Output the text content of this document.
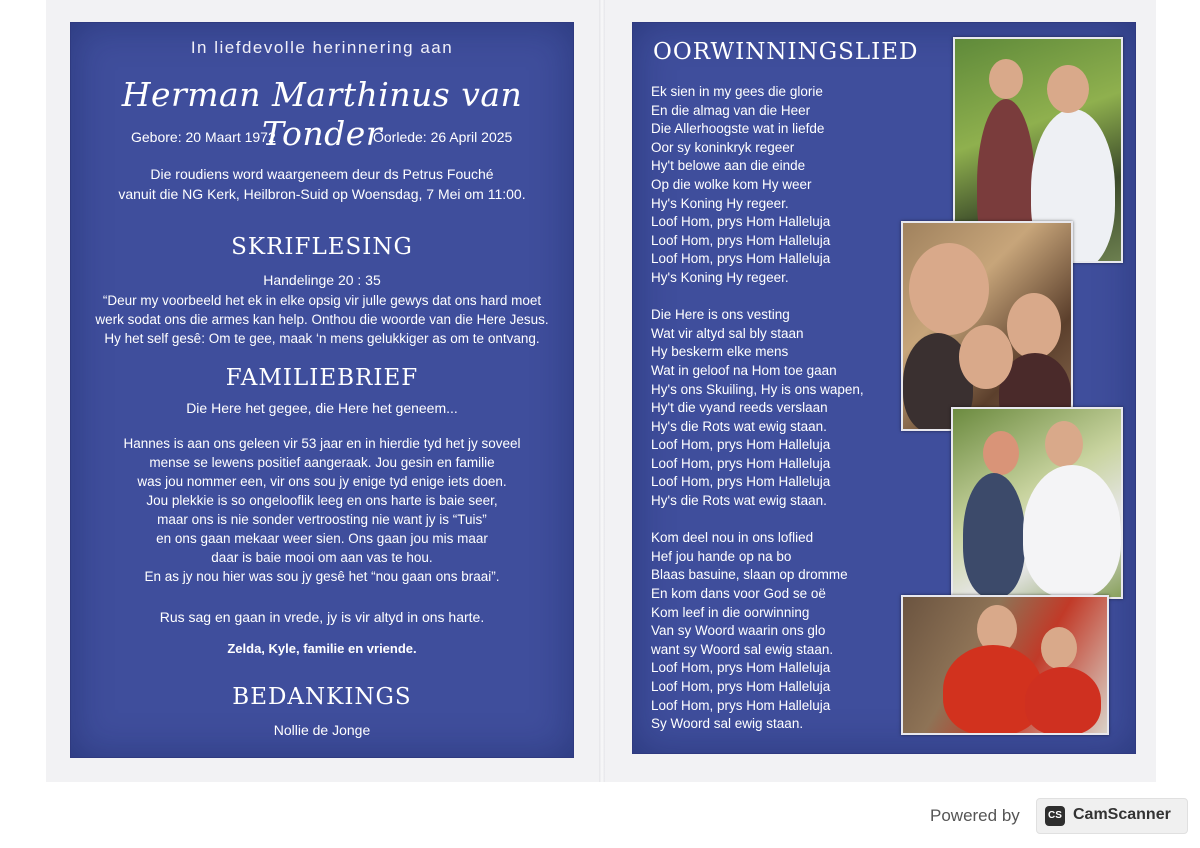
In liefdevolle herinnering aan
Herman Marthinus van Tonder
Gebore: 20 Maart 1972	Oorlede: 26 April 2025
Die roudiens word waargeneem deur ds Petrus Fouché
vanuit die NG Kerk, Heilbron-Suid op Woensdag, 7 Mei om 11:00.
SKRIFLESING
Handelinge 20 : 35
“Deur my voorbeeld het ek in elke opsig vir julle gewys dat ons hard moet
werk sodat ons die armes kan help. Onthou die woorde van die Here Jesus.
Hy het self gesê: Om te gee, maak ‘n mens gelukkiger as om te ontvang.
FAMILIEBRIEF
Die Here het gegee, die Here het geneem...
Hannes is aan ons geleen vir 53 jaar en in hierdie tyd het jy soveel
mense se lewens positief aangeraak. Jou gesin en familie
was jou nommer een, vir ons sou jy enige tyd enige iets doen.
Jou plekkie is so ongelooflik leeg en ons harte is baie seer,
maar ons is nie sonder vertroosting nie want jy is “Tuis”
en ons gaan mekaar weer sien. Ons gaan jou mis maar
daar is baie mooi om aan vas te hou.
En as jy nou hier was sou jy gesê het “nou gaan ons braai”.
Rus sag en gaan in vrede, jy is vir altyd in ons harte.
Zelda, Kyle, familie en vriende.
BEDANKINGS
Nollie de Jonge
OORWINNINGSLIED
Ek sien in my gees die glorie
En die almag van die Heer
Die Allerhoogste wat in liefde
Oor sy koninkryk regeer
Hy't belowe aan die einde
Op die wolke kom Hy weer
Hy's Koning Hy regeer.
Loof Hom, prys Hom Halleluja
Loof Hom, prys Hom Halleluja
Loof Hom, prys Hom Halleluja
Hy's Koning Hy regeer.
Die Here is ons vesting
Wat vir altyd sal bly staan
Hy beskerm elke mens
Wat in geloof na Hom toe gaan
Hy's ons Skuiling, Hy is ons wapen,
Hy't die vyand reeds verslaan
Hy's die Rots wat ewig staan.
Loof Hom, prys Hom Halleluja
Loof Hom, prys Hom Halleluja
Loof Hom, prys Hom Halleluja
Hy's die Rots wat ewig staan.
Kom deel nou in ons loflied
Hef jou hande op na bo
Blaas basuine, slaan op dromme
En kom dans voor God se oë
Kom leef in die oorwinning
Van sy Woord waarin ons glo
want sy Woord sal ewig staan.
Loof Hom, prys Hom Halleluja
Loof Hom, prys Hom Halleluja
Loof Hom, prys Hom Halleluja
Sy Woord sal ewig staan.
Powered by	CS CamScanner
